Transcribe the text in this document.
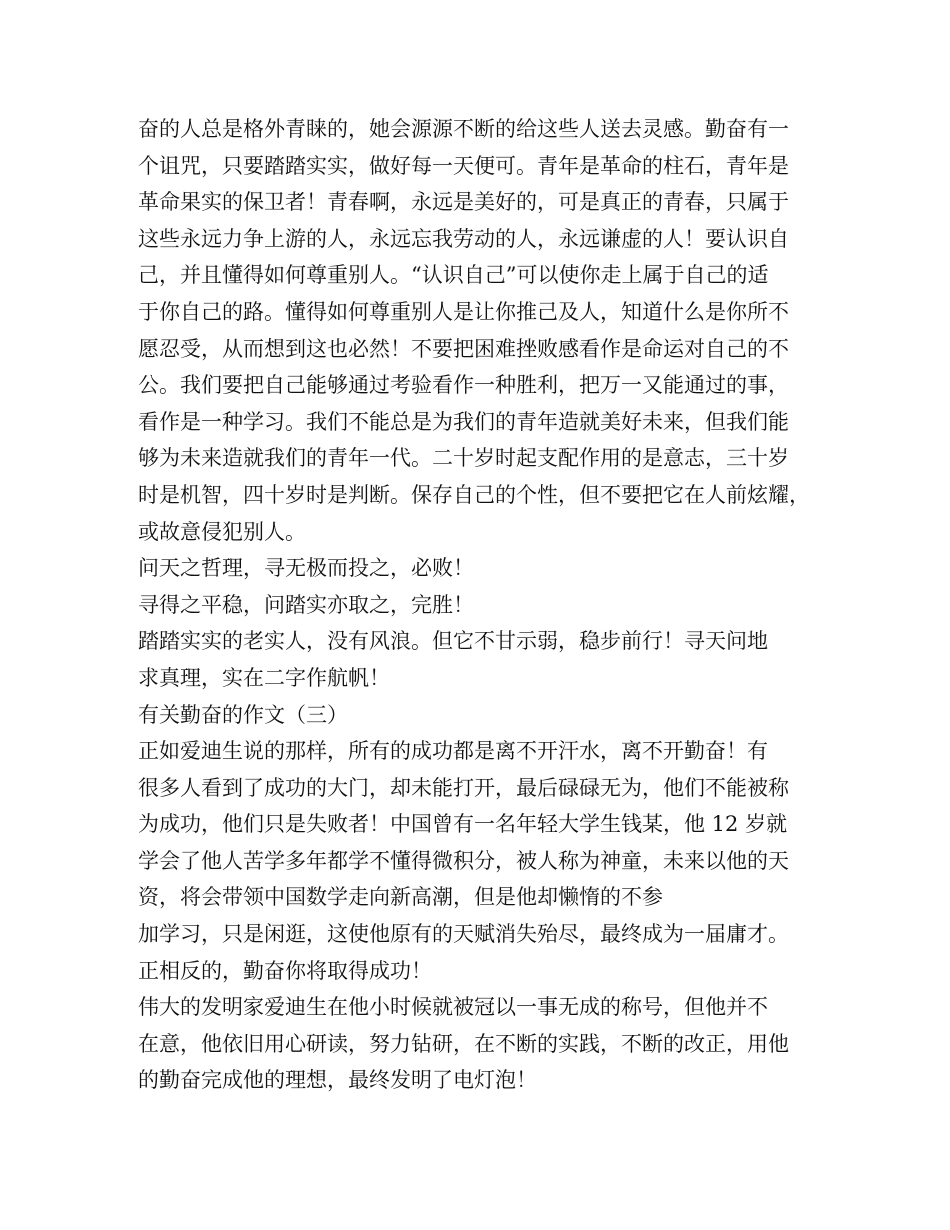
奋的人总是格外青睐的，她会源源不断的给这些人送去灵感。勤奋有一
个诅咒，只要踏踏实实，做好每一天便可。青年是革命的柱石，青年是
革命果实的保卫者！青春啊，永远是美好的，可是真正的青春，只属于
这些永远力争上游的人，永远忘我劳动的人，永远谦虚的人！要认识自
己，并且懂得如何尊重别人。“认识自己”可以使你走上属于自己的适
于你自己的路。懂得如何尊重别人是让你推己及人，知道什么是你所不
愿忍受，从而想到这也必然！不要把困难挫败感看作是命运对自己的不
公。我们要把自己能够通过考验看作一种胜利，把万一又能通过的事，
看作是一种学习。我们不能总是为我们的青年造就美好未来，但我们能
够为未来造就我们的青年一代。二十岁时起支配作用的是意志，三十岁
时是机智，四十岁时是判断。保存自己的个性，但不要把它在人前炫耀，
或故意侵犯别人。
问天之哲理，寻无极而投之，必败！
寻得之平稳，问踏实亦取之，完胜！
踏踏实实的老实人，没有风浪。但它不甘示弱，稳步前行！寻天问地
求真理，实在二字作航帆！
有关勤奋的作文（三）
正如爱迪生说的那样，所有的成功都是离不开汗水，离不开勤奋！有
很多人看到了成功的大门，却未能打开，最后碌碌无为，他们不能被称
为成功，他们只是失败者！中国曾有一名年轻大学生钱某，他 12 岁就
学会了他人苦学多年都学不懂得微积分，被人称为神童，未来以他的天
资，将会带领中国数学走向新高潮，但是他却懒惰的不参
加学习，只是闲逛，这使他原有的天赋消失殆尽，最终成为一届庸才。
正相反的，勤奋你将取得成功！
伟大的发明家爱迪生在他小时候就被冠以一事无成的称号，但他并不
在意，他依旧用心研读，努力钻研，在不断的实践，不断的改正，用他
的勤奋完成他的理想，最终发明了电灯泡！
